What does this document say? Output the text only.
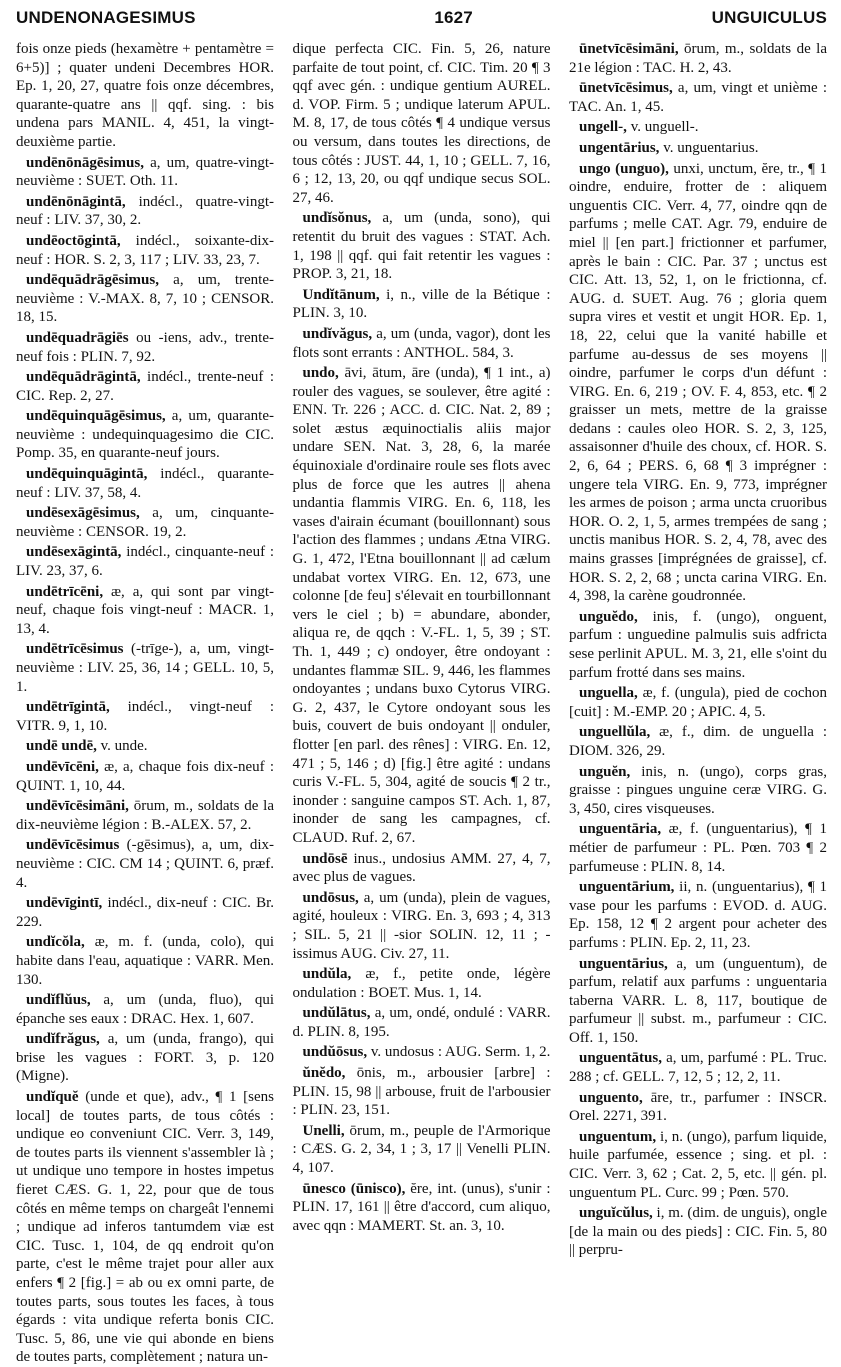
UNDENONAGESIMUS	1627	UNGUICULUS

fois onze pieds (hexamètre + pentamètre = 6+5)] ; quater undeni Decembres HOR. Ep. 1, 20, 27, quatre fois onze décembres, quarante-quatre ans || qqf. sing. : bis undena pars MANIL. 4, 451, la vingt-deuxième partie.

undēnōnāgēsimus, a, um, quatre-vingt-neuvième : SUET. Oth. 11.

undēnōnāgintā, indécl., quatre-vingt-neuf : LIV. 37, 30, 2.

undēoctōgintā, indécl., soixante-dix-neuf : HOR. S. 2, 3, 117 ; LIV. 33, 23, 7.

undēquādrāgēsimus, a, um, trente-neuvième : V.-MAX. 8, 7, 10 ; CENSOR. 18, 15.

undēquadrāgiēs ou -iens, adv., trente-neuf fois : PLIN. 7, 92.

undēquādrāgintā, indécl., trente-neuf : CIC. Rep. 2, 27.

undēquinquāgēsimus, a, um, quarante-neuvième : undequinquagesimo die CIC. Pomp. 35, en quarante-neuf jours.

undēquinquāgintā, indécl., quarante-neuf : LIV. 37, 58, 4.

undēsexāgēsimus, a, um, cinquante-neuvième : CENSOR. 19, 2.

undēsexāgintā, indécl., cinquante-neuf : LIV. 23, 37, 6.

undētrīcēni, æ, a, qui sont par vingt-neuf, chaque fois vingt-neuf : MACR. 1, 13, 4.

undētrīcēsimus (-trīge-), a, um, vingt-neuvième : LIV. 25, 36, 14 ; GELL. 10, 5, 1.

undētrīgintā, indécl., vingt-neuf : VITR. 9, 1, 10.

undē undē, v. unde.

undēvīcēni, æ, a, chaque fois dix-neuf : QUINT. 1, 10, 44.

undēvīcēsimāni, ōrum, m., soldats de la dix-neuvième légion : B.-ALEX. 57, 2.

undēvīcēsimus (-gēsimus), a, um, dix-neuvième : CIC. CM 14 ; QUINT. 6, præf. 4.

undēvīgintī, indécl., dix-neuf : CIC. Br. 229.

undĭcŏla, æ, m. f. (unda, colo), qui habite dans l'eau, aquatique : VARR. Men. 130.

undĭflŭus, a, um (unda, fluo), qui épanche ses eaux : DRAC. Hex. 1, 607.

undĭfrăgus, a, um (unda, frango), qui brise les vagues : FORT. 3, p. 120 (Migne).

undĭquĕ (unde et que), adv., ¶ 1 [sens local] de toutes parts, de tous côtés : undique eo conveniunt CIC. Verr. 3, 149, de toutes parts ils viennent s'assembler là ; ut undique uno tempore in hostes impetus fieret CÆS. G. 1, 22, pour que de tous côtés en même temps on chargeât l'ennemi ; undique ad inferos tantumdem viæ est CIC. Tusc. 1, 104, de qq endroit qu'on parte, c'est le même trajet pour aller aux enfers ¶ 2 [fig.] = ab ou ex omni parte, de toutes parts, sous toutes les faces, à tous égards : vita undique referta bonis CIC. Tusc. 5, 86, une vie qui abonde en biens de toutes parts, complètement ; natura un-

dique perfecta CIC. Fin. 5, 26, nature parfaite de tout point, cf. CIC. Tim. 20 ¶ 3 qqf avec gén. : undique gentium AUREL. d. VOP. Firm. 5 ; undique laterum APUL. M. 8, 17, de tous côtés ¶ 4 undique versus ou versum, dans toutes les directions, de tous côtés : JUST. 44, 1, 10 ; GELL. 7, 16, 6 ; 12, 13, 20, ou qqf undique secus SOL. 27, 46.

undĭsŏnus, a, um (unda, sono), qui retentit du bruit des vagues : STAT. Ach. 1, 198 || qqf. qui fait retentir les vagues : PROP. 3, 21, 18.

Undĭtānum, i, n., ville de la Bétique : PLIN. 3, 10.

undĭvăgus, a, um (unda, vagor), dont les flots sont errants : ANTHOL. 584, 3.

undo, āvi, ātum, āre (unda), ¶ 1 int., a) rouler des vagues, se soulever, être agité : ENN. Tr. 226 ; ACC. d. CIC. Nat. 2, 89 ; solet æstus æquinoctialis aliis major undare SEN. Nat. 3, 28, 6, la marée équinoxiale d'ordinaire roule ses flots avec plus de force que les autres || ahena undantia flammis VIRG. En. 6, 118, les vases d'airain écumant (bouillonnant) sous l'action des flammes ; undans Ætna VIRG. G. 1, 472, l'Etna bouillonnant || ad cælum undabat vortex VIRG. En. 12, 673, une colonne [de feu] s'élevait en tourbillonnant vers le ciel ; b) = abundare, abonder, aliqua re, de qqch : V.-FL. 1, 5, 39 ; ST. Th. 1, 449 ; c) ondoyer, être ondoyant : undantes flammæ SIL. 9, 446, les flammes ondoyantes ; undans buxo Cytorus VIRG. G. 2, 437, le Cytore ondoyant sous les buis, couvert de buis ondoyant || onduler, flotter [en parl. des rênes] : VIRG. En. 12, 471 ; 5, 146 ; d) [fig.] être agité : undans curis V.-FL. 5, 304, agité de soucis ¶ 2 tr., inonder : sanguine campos ST. Ach. 1, 87, inonder de sang les campagnes, cf. CLAUD. Ruf. 2, 67.

undōsē inus., undosius AMM. 27, 4, 7, avec plus de vagues.

undōsus, a, um (unda), plein de vagues, agité, houleux : VIRG. En. 3, 693 ; 4, 313 ; SIL. 5, 21 || -sior SOLIN. 12, 11 ; -issimus AUG. Civ. 27, 11.

undŭla, æ, f., petite onde, légère ondulation : BOET. Mus. 1, 14.

undŭlātus, a, um, ondé, ondulé : VARR. d. PLIN. 8, 195.

undŭōsus, v. undosus : AUG. Serm. 1, 2.

ŭnĕdo, ōnis, m., arbousier [arbre] : PLIN. 15, 98 || arbouse, fruit de l'arbousier : PLIN. 23, 151.

Unelli, ōrum, m., peuple de l'Armorique : CÆS. G. 2, 34, 1 ; 3, 17 || Venelli PLIN. 4, 107.

ūnesco (ūnisco), ĕre, int. (unus), s'unir : PLIN. 17, 161 || être d'accord, cum aliquo, avec qqn : MAMERT. St. an. 3, 10.

ūnetvīcēsimāni, ōrum, m., soldats de la 21e légion : TAC. H. 2, 43.

ūnetvīcēsimus, a, um, vingt et unième : TAC. An. 1, 45.

ungell-, v. unguell-.

ungentārius, v. unguentarius.

ungo (unguo), unxi, unctum, ĕre, tr., ¶ 1 oindre, enduire, frotter de : aliquem unguentis CIC. Verr. 4, 77, oindre qqn de parfums ; melle CAT. Agr. 79, enduire de miel || [en part.] frictionner et parfumer, après le bain : CIC. Par. 37 ; unctus est CIC. Att. 13, 52, 1, on le frictionna, cf. AUG. d. SUET. Aug. 76 ; gloria quem supra vires et vestit et ungit HOR. Ep. 1, 18, 22, celui que la vanité habille et parfume au-dessus de ses moyens || oindre, parfumer le corps d'un défunt : VIRG. En. 6, 219 ; OV. F. 4, 853, etc. ¶ 2 graisser un mets, mettre de la graisse dedans : caules oleo HOR. S. 2, 3, 125, assaisonner d'huile des choux, cf. HOR. S. 2, 6, 64 ; PERS. 6, 68 ¶ 3 imprégner : ungere tela VIRG. En. 9, 773, imprégner les armes de poison ; arma uncta cruoribus HOR. O. 2, 1, 5, armes trempées de sang ; unctis manibus HOR. S. 2, 4, 78, avec des mains grasses [imprégnées de graisse], cf. HOR. S. 2, 2, 68 ; uncta carina VIRG. En. 4, 398, la carène goudronnée.

unguĕdo, inis, f. (ungo), onguent, parfum : unguedine palmulis suis adfricta sese perlinit APUL. M. 3, 21, elle s'oint du parfum frotté dans ses mains.

unguella, æ, f. (ungula), pied de cochon [cuit] : M.-EMP. 20 ; APIC. 4, 5.

unguellŭla, æ, f., dim. de unguella : DIOM. 326, 29.

unguĕn, inis, n. (ungo), corps gras, graisse : pingues unguine ceræ VIRG. G. 3, 450, cires visqueuses.

unguentāria, æ, f. (unguentarius), ¶ 1 métier de parfumeur : PL. Pœn. 703 ¶ 2 parfumeuse : PLIN. 8, 14.

unguentārium, ii, n. (unguentarius), ¶ 1 vase pour les parfums : EVOD. d. AUG. Ep. 158, 12 ¶ 2 argent pour acheter des parfums : PLIN. Ep. 2, 11, 23.

unguentārius, a, um (unguentum), de parfum, relatif aux parfums : unguentaria taberna VARR. L. 8, 117, boutique de parfumeur || subst. m., parfumeur : CIC. Off. 1, 150.

unguentātus, a, um, parfumé : PL. Truc. 288 ; cf. GELL. 7, 12, 5 ; 12, 2, 11.

unguento, āre, tr., parfumer : INSCR. Orel. 2271, 391.

unguentum, i, n. (ungo), parfum liquide, huile parfumée, essence ; sing. et pl. : CIC. Verr. 3, 62 ; Cat. 2, 5, etc. || gén. pl. unguentum PL. Curc. 99 ; Pœn. 570.

unguĭcŭlus, i, m. (dim. de unguis), ongle [de la main ou des pieds] : CIC. Fin. 5, 80 || perpru-
